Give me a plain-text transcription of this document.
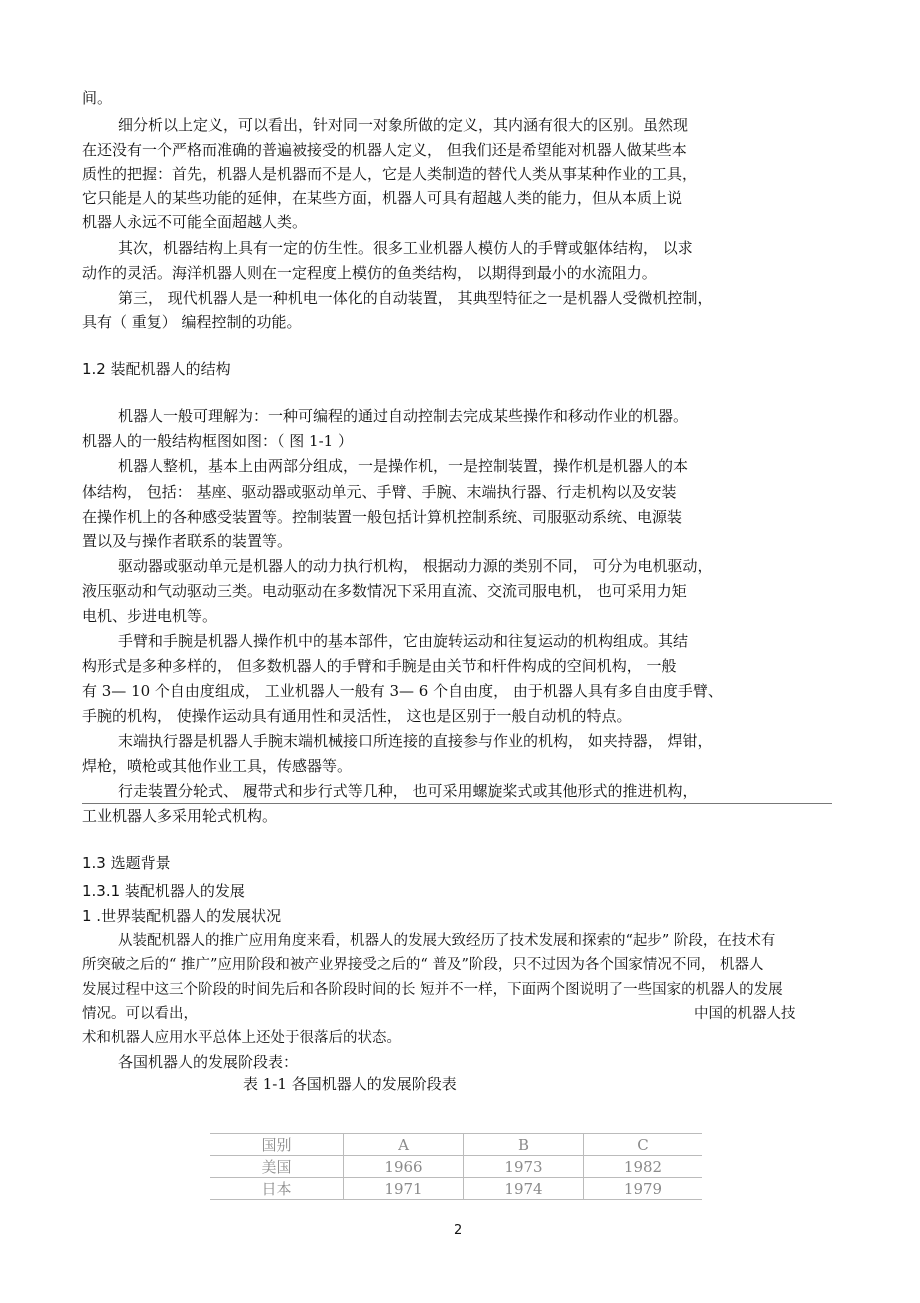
间。
细分析以上定义，可以看出，针对同一对象所做的定义，其内涵有很大的区别。虽然现
在还没有一个严格而准确的普遍被接受的机器人定义， 但我们还是希望能对机器人做某些本
质性的把握：首先，机器人是机器而不是人，它是人类制造的替代人类从事某种作业的工具，
它只能是人的某些功能的延伸，在某些方面，机器人可具有超越人类的能力，但从本质上说
机器人永远不可能全面超越人类。
其次，机器结构上具有一定的仿生性。很多工业机器人模仿人的手臂或躯体结构， 以求
动作的灵活。海洋机器人则在一定程度上模仿的鱼类结构， 以期得到最小的水流阻力。
第三， 现代机器人是一种机电一体化的自动装置， 其典型特征之一是机器人受微机控制，
具有（ 重复） 编程控制的功能。
1.2 装配机器人的结构
机器人一般可理解为：一种可编程的通过自动控制去完成某些操作和移动作业的机器。
机器人的一般结构框图如图：（ 图 1-1 ）
机器人整机，基本上由两部分组成，一是操作机，一是控制装置，操作机是机器人的本
体结构， 包括： 基座、驱动器或驱动单元、手臂、手腕、末端执行器、行走机构以及安装
在操作机上的各种感受装置等。控制装置一般包括计算机控制系统、司服驱动系统、电源装
置以及与操作者联系的装置等。
驱动器或驱动单元是机器人的动力执行机构， 根据动力源的类别不同， 可分为电机驱动，
液压驱动和气动驱动三类。电动驱动在多数情况下采用直流、交流司服电机， 也可采用力矩
电机、步进电机等。
手臂和手腕是机器人操作机中的基本部件，它由旋转运动和往复运动的机构组成。其结
构形式是多种多样的， 但多数机器人的手臂和手腕是由关节和杆件构成的空间机构， 一般
有 3— 10 个自由度组成， 工业机器人一般有 3— 6 个自由度， 由于机器人具有多自由度手臂、
手腕的机构， 使操作运动具有通用性和灵活性， 这也是区别于一般自动机的特点。
末端执行器是机器人手腕末端机械接口所连接的直接参与作业的机构， 如夹持器， 焊钳，
焊枪，喷枪或其他作业工具，传感器等。
行走装置分轮式、 履带式和步行式等几种， 也可采用螺旋桨式或其他形式的推进机构，
工业机器人多采用轮式机构。
1.3 选题背景
1.3.1 装配机器人的发展
1 .世界装配机器人的发展状况
从装配机器人的推广应用角度来看，机器人的发展大致经历了技术发展和探索的“起步” 阶段，在技术有
所突破之后的“ 推广”应用阶段和被产业界接受之后的“ 普及”阶段，只不过因为各个国家情况不同， 机器人
发展过程中这三个阶段的时间先后和各阶段时间的长 短并不一样，下面两个图说明了一些国家的机器人的发展
情况。可以看出，	中国的机器人技
术和机器人应用水平总体上还处于很落后的状态。
各国机器人的发展阶段表：
表 1-1 各国机器人的发展阶段表
国别	A	B	C
美国	1966	1973	1982
日本	1971	1974	1979
2
